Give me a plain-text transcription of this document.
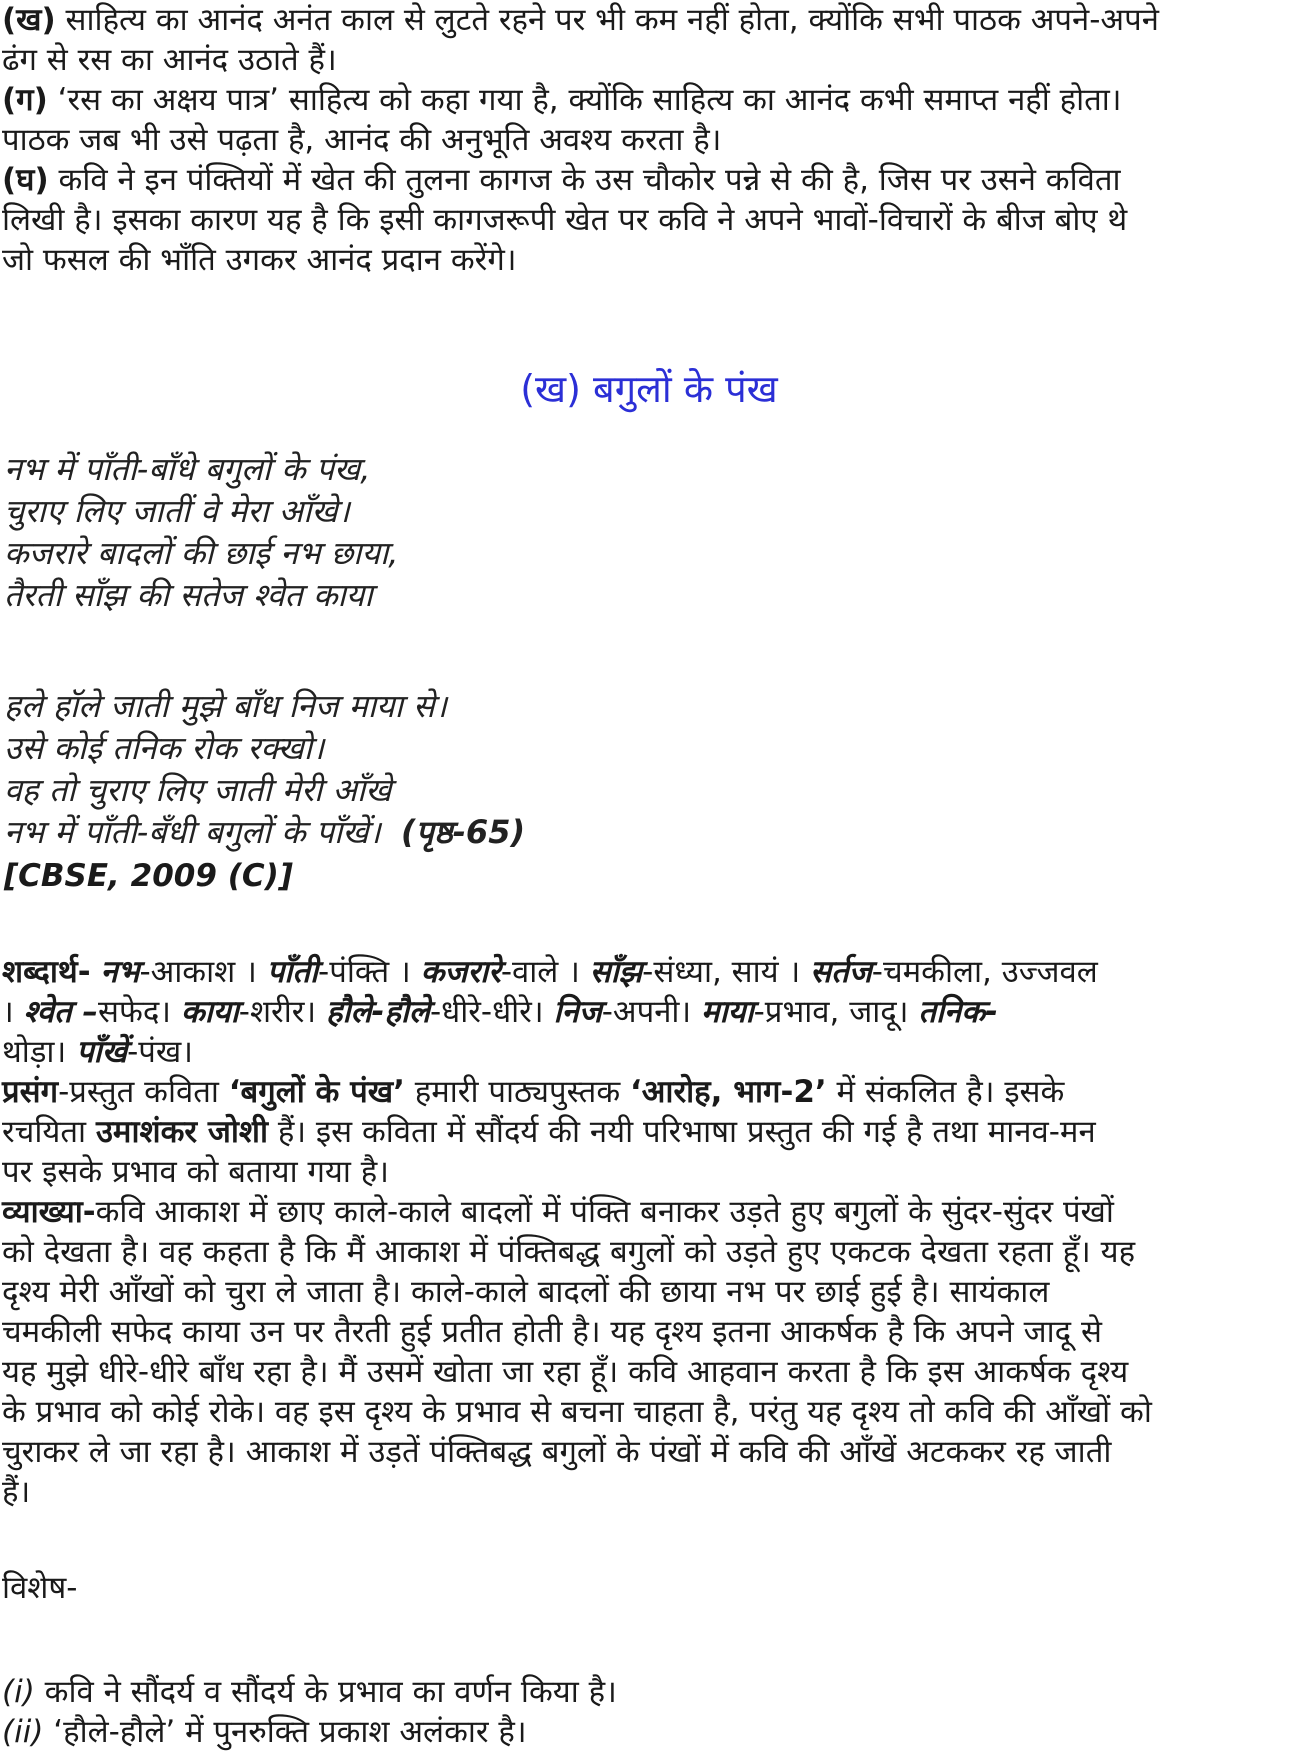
(ख) साहित्य का आनंद अनंत काल से लुटते रहने पर भी कम नहीं होता, क्योंकि सभी पाठक अपने-अपने
ढंग से रस का आनंद उठाते हैं।
(ग) ‘रस का अक्षय पात्र’ साहित्य को कहा गया है, क्योंकि साहित्य का आनंद कभी समाप्त नहीं होता।
पाठक जब भी उसे पढ़ता है, आनंद की अनुभूति अवश्य करता है।
(घ) कवि ने इन पंक्तियों में खेत की तुलना कागज के उस चौकोर पन्ने से की है, जिस पर उसने कविता
लिखी है। इसका कारण यह है कि इसी कागजरूपी खेत पर कवि ने अपने भावों-विचारों के बीज बोए थे
जो फसल की भाँति उगकर आनंद प्रदान करेंगे।
(ख) बगुलों के पंख
नभ में पाँती-बाँधे बगुलों के पंख,
चुराए लिए जातीं वे मेरा आँखे।
कजरारे बादलों की छाई नभ छाया,
तैरती साँझ की सतेज श्वेत काया
हले हॉले जाती मुझे बाँध निज माया से।
उसे कोई तनिक रोक रक्खो।
वह तो चुराए लिए जाती मेरी आँखे
नभ में पाँती-बँधी बगुलों के पाँखें। (पृष्ठ-65)
[CBSE, 2009 (C)]
शब्दार्थ- नभ-आकाश । पाँती-पंक्ति । कजरारे-वाले । साँझ-संध्या, सायं । सर्तज-चमकीला, उज्जवल
। श्वेत –सफेद। काया-शरीर। हौले-हौले-धीरे-धीरे। निज-अपनी। माया-प्रभाव, जादू। तनिक-
थोड़ा। पाँखें-पंख।
प्रसंग-प्रस्तुत कविता ‘बगुलों के पंख’ हमारी पाठ्यपुस्तक ‘आरोह, भाग-2’ में संकलित है। इसके
रचयिता उमाशंकर जोशी हैं। इस कविता में सौंदर्य की नयी परिभाषा प्रस्तुत की गई है तथा मानव-मन
पर इसके प्रभाव को बताया गया है।
व्याख्या-कवि आकाश में छाए काले-काले बादलों में पंक्ति बनाकर उड़ते हुए बगुलों के सुंदर-सुंदर पंखों
को देखता है। वह कहता है कि मैं आकाश में पंक्तिबद्ध बगुलों को उड़ते हुए एकटक देखता रहता हूँ। यह
दृश्य मेरी आँखों को चुरा ले जाता है। काले-काले बादलों की छाया नभ पर छाई हुई है। सायंकाल
चमकीली सफेद काया उन पर तैरती हुई प्रतीत होती है। यह दृश्य इतना आकर्षक है कि अपने जादू से
यह मुझे धीरे-धीरे बाँध रहा है। मैं उसमें खोता जा रहा हूँ। कवि आहवान करता है कि इस आकर्षक दृश्य
के प्रभाव को कोई रोके। वह इस दृश्य के प्रभाव से बचना चाहता है, परंतु यह दृश्य तो कवि की आँखों को
चुराकर ले जा रहा है। आकाश में उड़तें पंक्तिबद्ध बगुलों के पंखों में कवि की आँखें अटककर रह जाती
हैं।
विशेष-
(i) कवि ने सौंदर्य व सौंदर्य के प्रभाव का वर्णन किया है।
(ii) ‘हौले-हौले’ में पुनरुक्ति प्रकाश अलंकार है।
